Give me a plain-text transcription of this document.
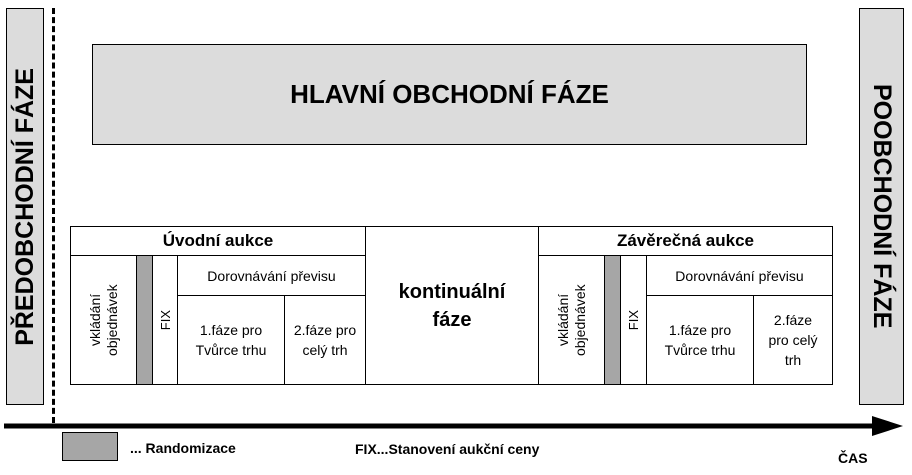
PŘEDOBCHODNÍ FÁZE	POOBCHODNÍ FÁZE
HLAVNÍ OBCHODNÍ FÁZE
Úvodní aukce
vkládání objednávek	FIX
Dorovnávání převisu
1.fáze pro Tvůrce trhu
2.fáze pro celý trh
kontinuální fáze
Závěrečná aukce
vkládání objednávek	FIX
Dorovnávání převisu
1.fáze pro Tvůrce trhu
2.fáze pro celý trh
ČAS
... Randomizace	FIX...Stanovení aukční ceny
